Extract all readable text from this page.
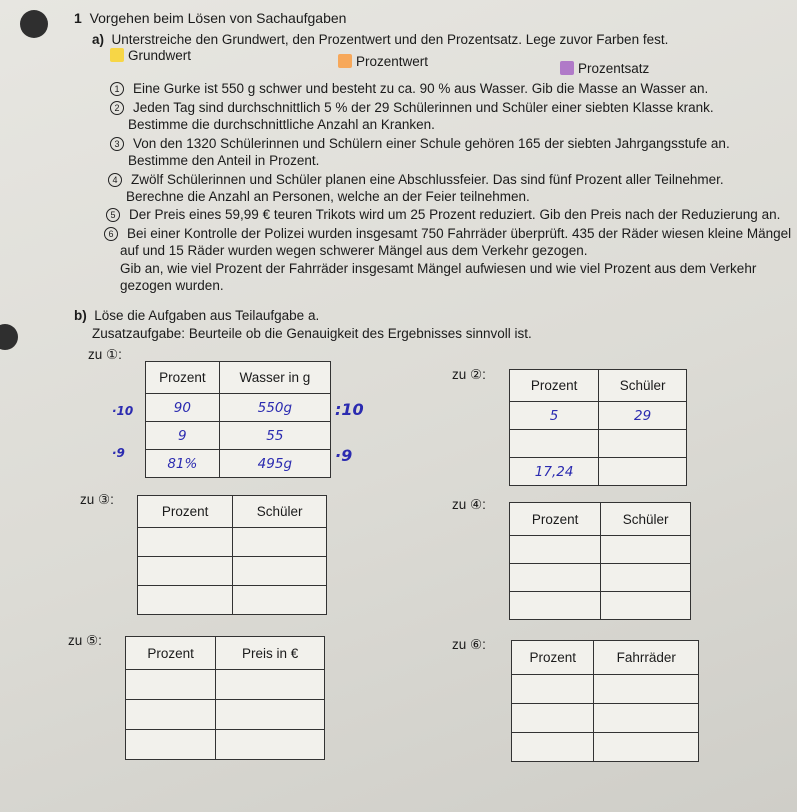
1 Vorgehen beim Lösen von Sachaufgaben
a) Unterstreiche den Grundwert, den Prozentwert und den Prozentsatz. Lege zuvor Farben fest.
Grundwert	Prozentwert	Prozentsatz
1 Eine Gurke ist 550 g schwer und besteht zu ca. 90 % aus Wasser. Gib die Masse an Wasser an.
2 Jeden Tag sind durchschnittlich 5 % der 29 Schülerinnen und Schüler einer siebten Klasse krank.
Bestimme die durchschnittliche Anzahl an Kranken.
3 Von den 1320 Schülerinnen und Schülern einer Schule gehören 165 der siebten Jahrgangsstufe an.
Bestimme den Anteil in Prozent.
4 Zwölf Schülerinnen und Schüler planen eine Abschlussfeier. Das sind fünf Prozent aller Teilnehmer.
Berechne die Anzahl an Personen, welche an der Feier teilnehmen.
5 Der Preis eines 59,99 € teuren Trikots wird um 25 Prozent reduziert. Gib den Preis nach der Reduzierung an.
6 Bei einer Kontrolle der Polizei wurden insgesamt 750 Fahrräder überprüft. 435 der Räder wiesen kleine Mängel
auf und 15 Räder wurden wegen schwerer Mängel aus dem Verkehr gezogen.
Gib an, wie viel Prozent der Fahrräder insgesamt Mängel aufwiesen und wie viel Prozent aus dem Verkehr
gezogen wurden.
b) Löse die Aufgaben aus Teilaufgabe a.
Zusatzaufgabe: Beurteile ob die Genauigkeit des Ergebnisses sinnvoll ist.
zu ①:
Prozent	Wasser in g
90	550g
9	55
81%	495g
·10
·9
:10
·9
zu ②:
Prozent	Schüler
5	29

17,24	
zu ③:
Prozent	Schüler

		zu ④:
Prozent	Schüler

zu ⑤:
Prozent	Preis in €

zu ⑥:
Prozent	Fahrräder
